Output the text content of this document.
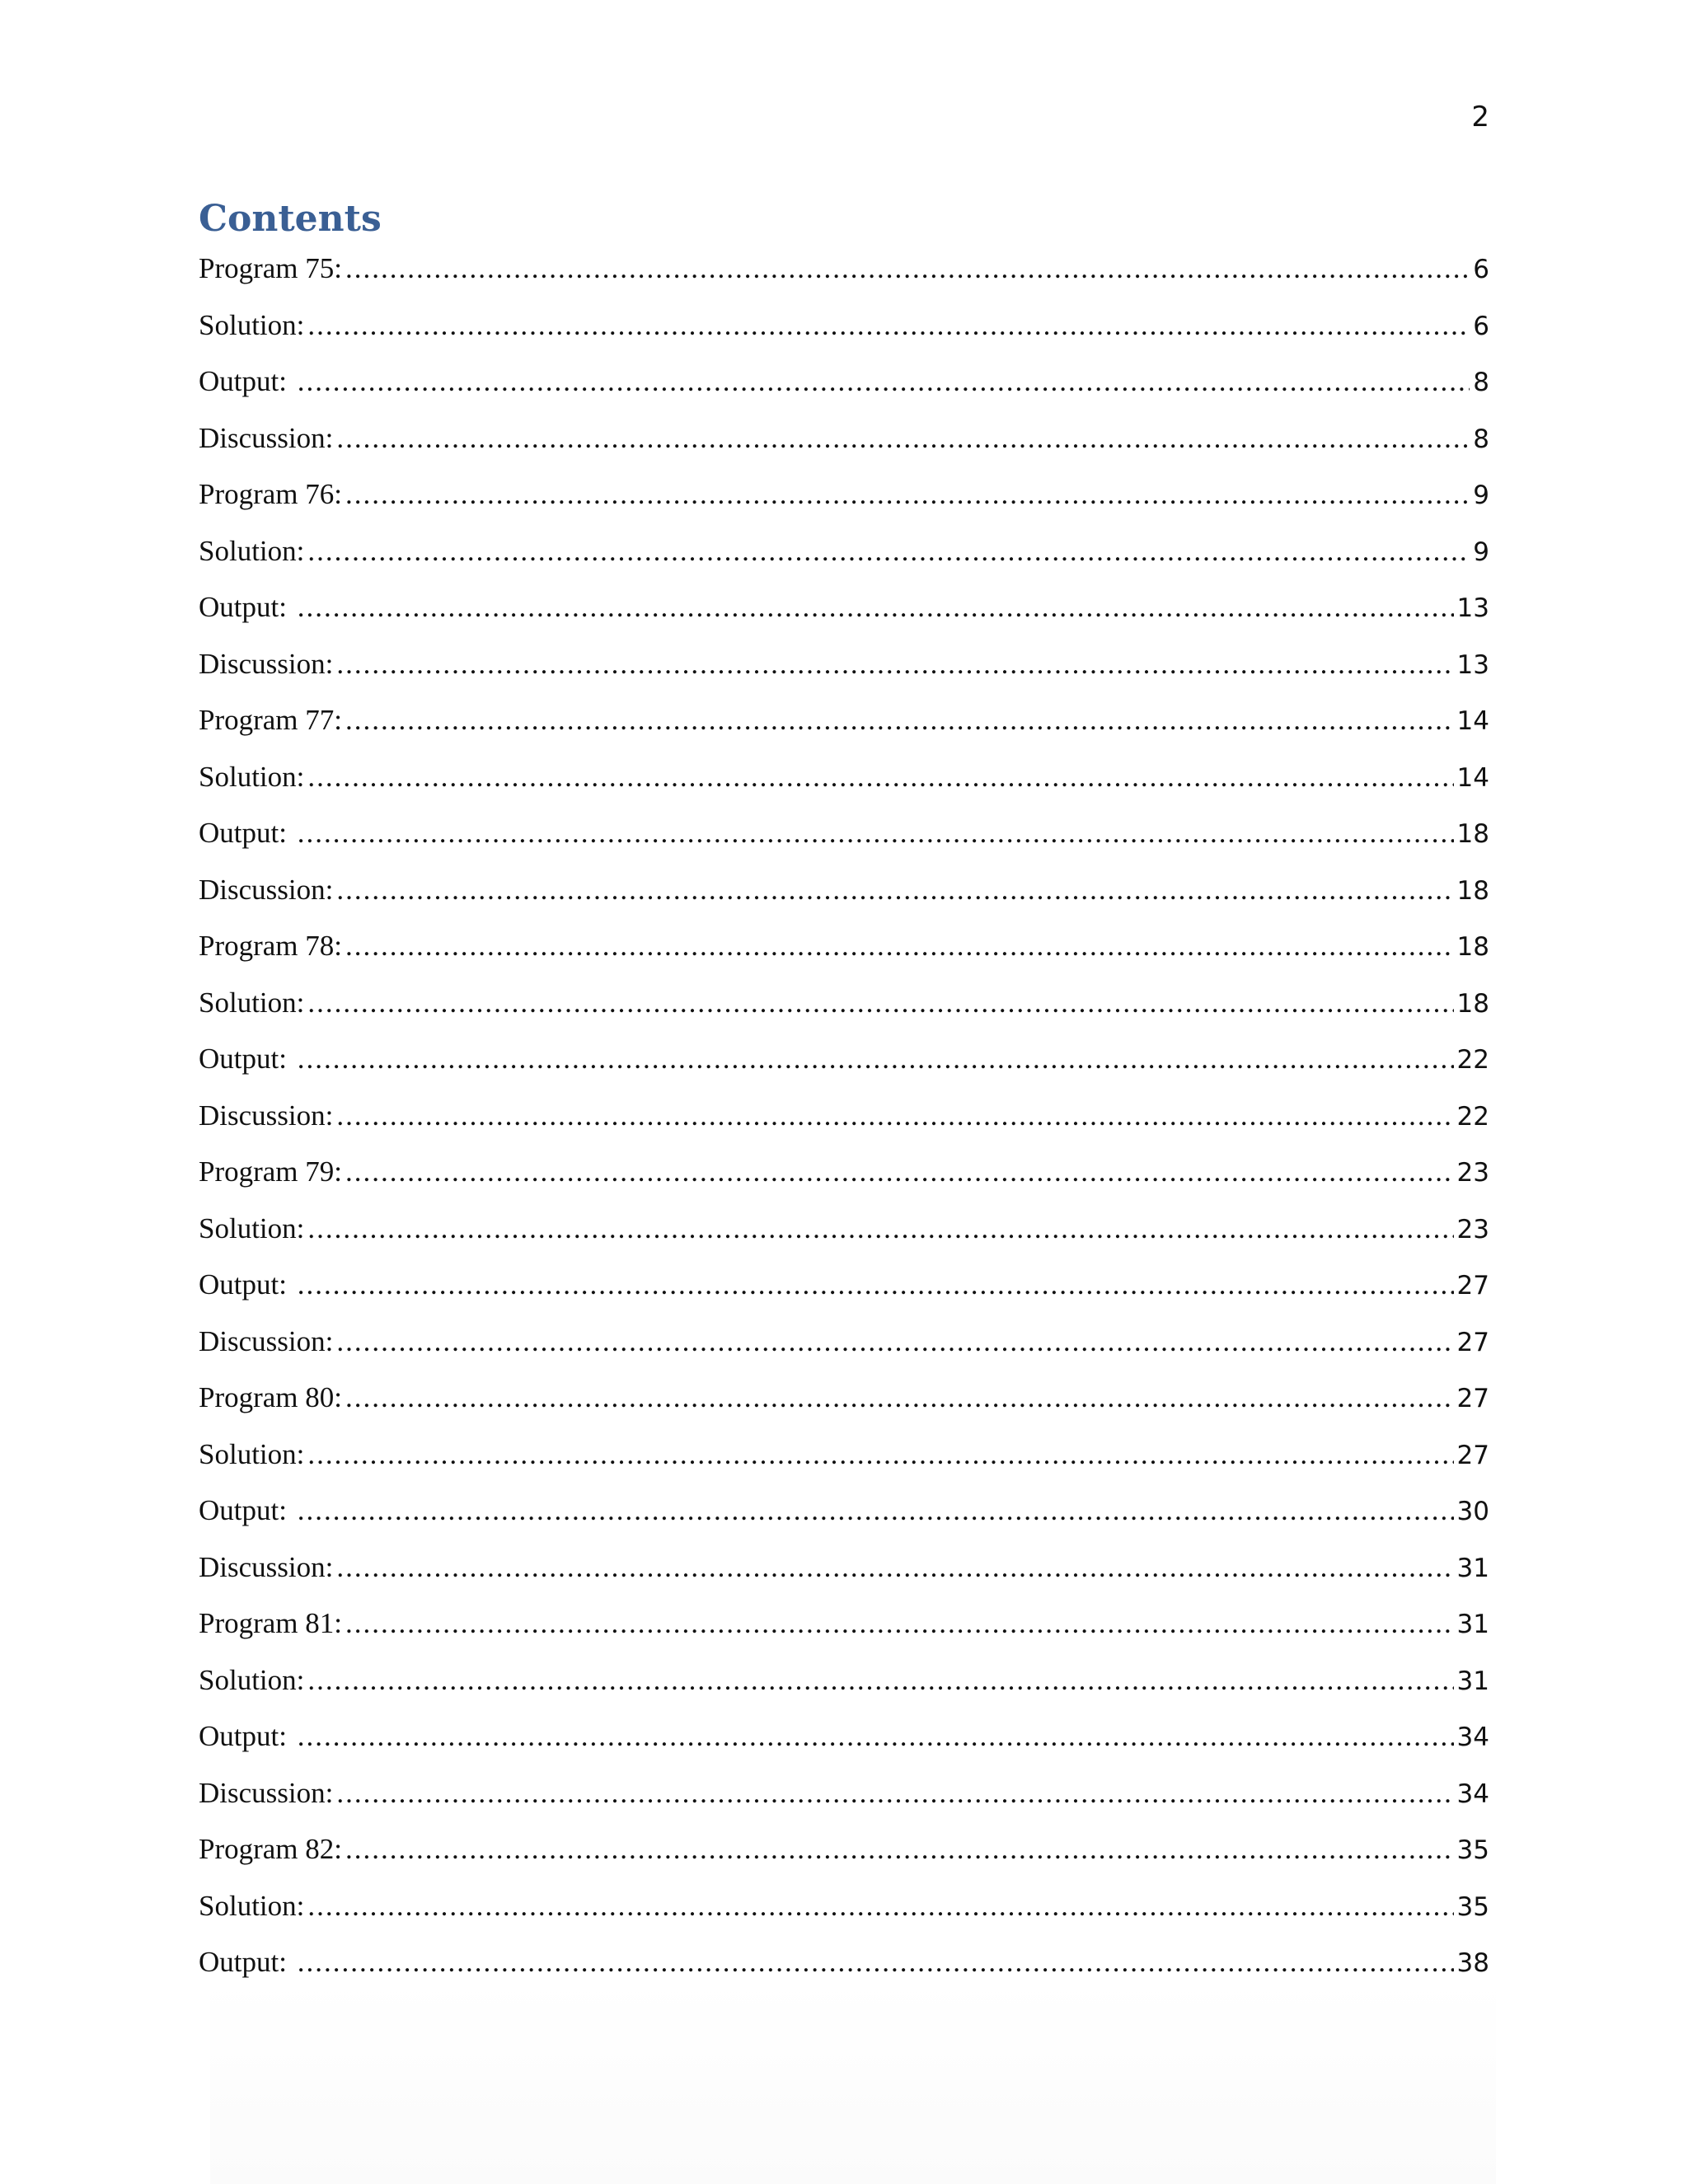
2
Contents
Program 75: .....	6
Solution: .....	6
Output: .....	8
Discussion: .....	8
Program 76: .....	9
Solution: .....	9
Output: .....	13
Discussion: .....	13
Program 77: .....	14
Solution: .....	14
Output: .....	18
Discussion: .....	18
Program 78: .....	18
Solution: .....	18
Output: .....	22
Discussion: .....	22
Program 79: .....	23
Solution: .....	23
Output: .....	27
Discussion: .....	27
Program 80: .....	27
Solution: .....	27
Output: .....	30
Discussion: .....	31
Program 81: .....	31
Solution: .....	31
Output: .....	34
Discussion: .....	34
Program 82: .....	35
Solution: .....	35
Output: .....	38
